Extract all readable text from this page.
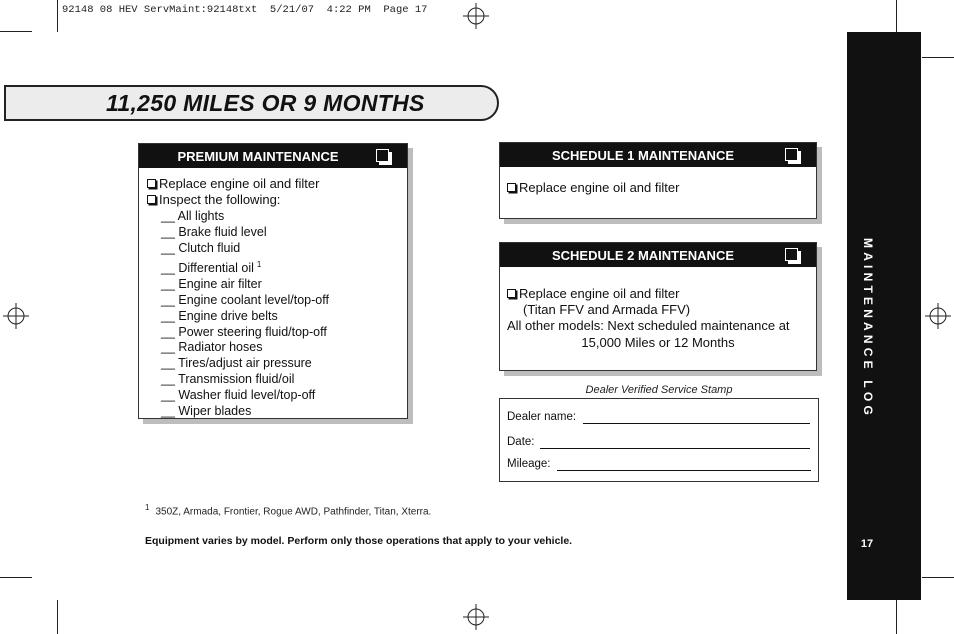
92148 08 HEV ServMaint:92148txt  5/21/07  4:22 PM  Page 17
11,250 MILES OR 9 MONTHS
PREMIUM MAINTENANCE
Replace engine oil and filter
Inspect the following:
__ All lights
__ Brake fluid level
__ Clutch fluid
__ Differential oil $^1$
__ Engine air filter
__ Engine coolant level/top-off
__ Engine drive belts
__ Power steering fluid/top-off
__ Radiator hoses
__ Tires/adjust air pressure
__ Transmission fluid/oil
__ Washer fluid level/top-off
__ Wiper blades
SCHEDULE 1 MAINTENANCE
Replace engine oil and filter
SCHEDULE 2 MAINTENANCE
Replace engine oil and filter
(Titan FFV and Armada FFV)
All other models: Next scheduled maintenance at
15,000 Miles or 12 Months
Dealer Verified Service Stamp
Dealer name:
Date:
Mileage:
$^1$ 350Z, Armada, Frontier, Rogue AWD, Pathfinder, Titan, Xterra.
Equipment varies by model. Perform only those operations that apply to your vehicle.
MAINTENANCE LOG
17
